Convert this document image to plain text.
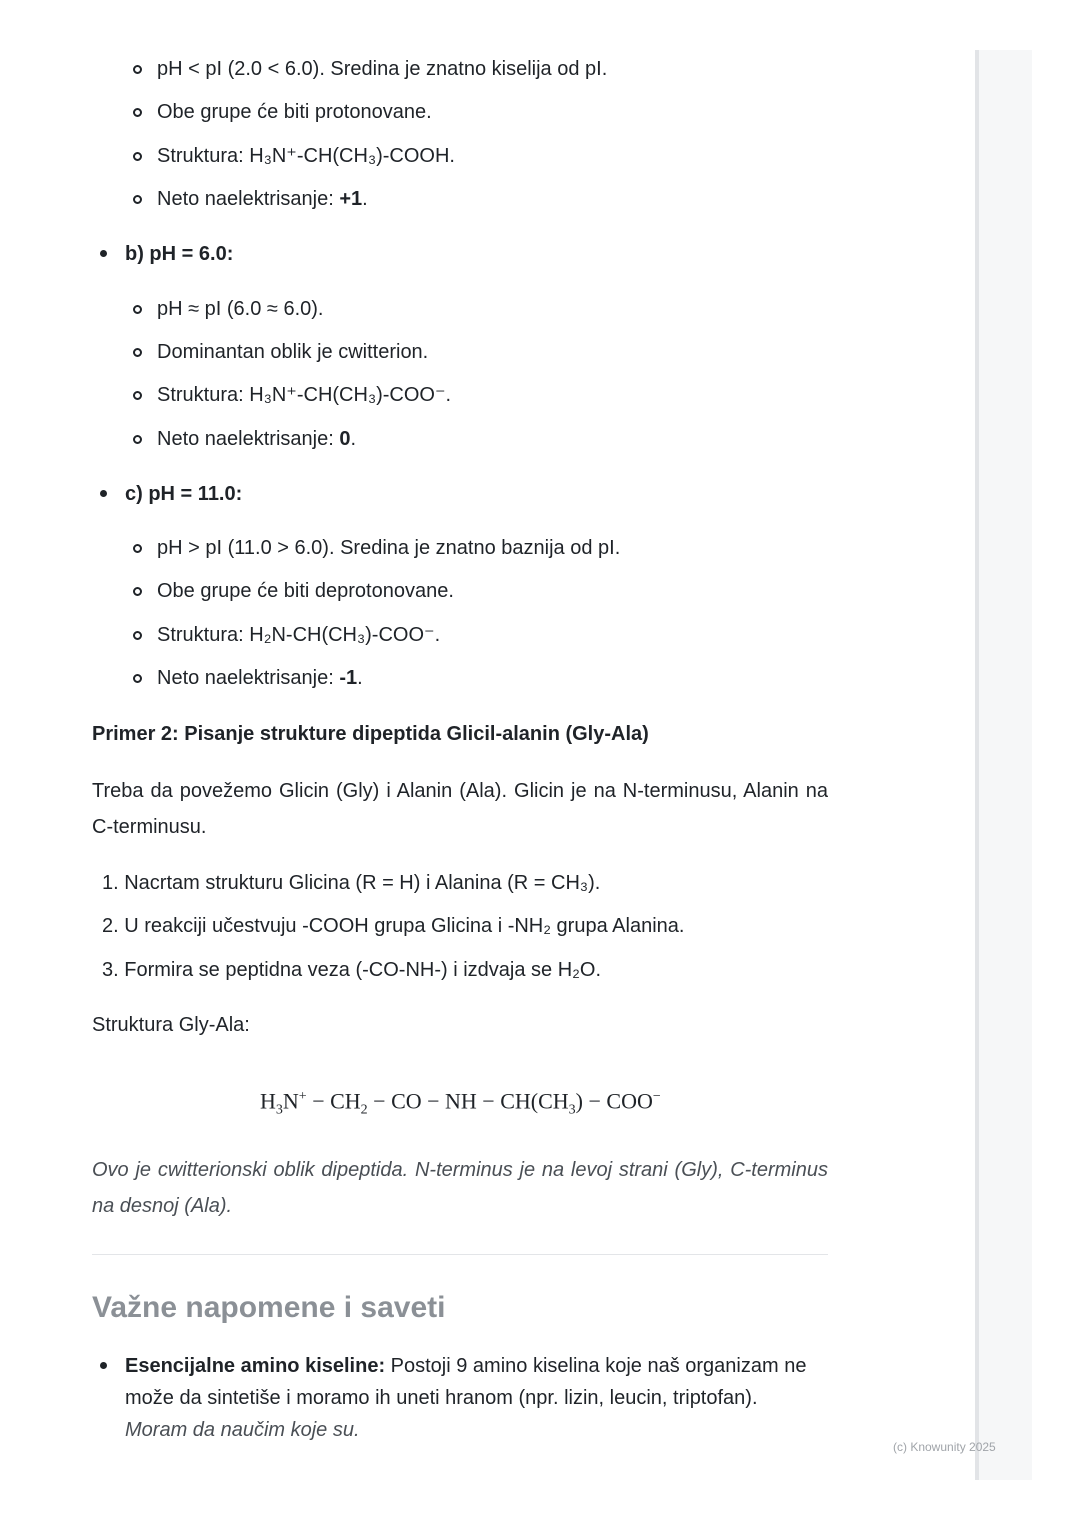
(c) Knowunity 2025
pH < pI (2.0 < 6.0). Sredina je znatno kiselija od pI.
Obe grupe će biti protonovane.
Struktura: H₃N⁺-CH(CH₃)-COOH.
Neto naelektrisanje: +1.
b) pH = 6.0:
pH ≈ pI (6.0 ≈ 6.0).
Dominantan oblik je cwitterion.
Struktura: H₃N⁺-CH(CH₃)-COO⁻.
Neto naelektrisanje: 0.
c) pH = 11.0:
pH > pI (11.0 > 6.0). Sredina je znatno baznija od pI.
Obe grupe će biti deprotonovane.
Struktura: H₂N-CH(CH₃)-COO⁻.
Neto naelektrisanje: -1.
Primer 2: Pisanje strukture dipeptida Glicil-alanin (Gly-Ala)
Treba da povežemo Glicin (Gly) i Alanin (Ala). Glicin je na N-terminusu, Alanin na C-terminusu.
1. Nacrtam strukturu Glicina (R = H) i Alanina (R = CH₃).
2. U reakciji učestvuju -COOH grupa Glicina i -NH₂ grupa Alanina.
3. Formira se peptidna veza (-CO-NH-) i izdvaja se H₂O.
Struktura Gly-Ala:
$H_3N^+ - CH_2$ − CO − NH − $CH(CH_3) - COO^-$
Ovo je cwitterionski oblik dipeptida. N-terminus je na levoj strani (Gly), C-terminus na desnoj (Ala).
Važne napomene i saveti
Esencijalne amino kiseline: Postoji 9 amino kiselina koje naš organizam ne može da sintetiše i moramo ih uneti hranom (npr. lizin, leucin, triptofan).
Moram da naučim koje su.
